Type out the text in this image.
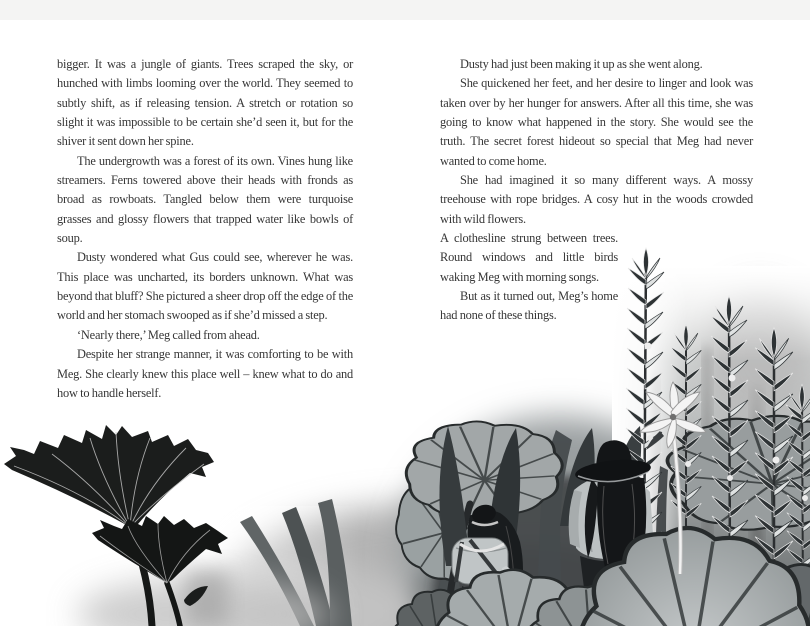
bigger. It was a jungle of giants. Trees scraped the sky, or hunched with limbs looming over the world. They seemed to subtly shift, as if releasing tension. A stretch or rotation so slight it was impossible to be certain she’d seen it, but for the shiver it sent down her spine.

The undergrowth was a forest of its own. Vines hung like streamers. Ferns towered above their heads with fronds as broad as rowboats. Tangled below them were turquoise grasses and glossy flowers that trapped water like bowls of soup.

Dusty wondered what Gus could see, wherever he was. This place was uncharted, its borders unknown. What was beyond that bluff? She pictured a sheer drop off the edge of the world and her stomach swooped as if she’d missed a step.

‘Nearly there,’ Meg called from ahead.

Despite her strange manner, it was comforting to be with Meg. She clearly knew this place well – knew what to do and how to handle herself.

Dusty had just been making it up as she went along.

She quickened her feet, and her desire to linger and look was taken over by her hunger for answers. After all this time, she was going to know what happened in the story. She would see the truth. The secret forest hideout so special that Meg had never wanted to come home.

She had imagined it so many different ways. A mossy treehouse with rope bridges. A cosy hut in the woods crowded with wild flowers.

A clothesline strung between trees. Round windows and little birds waking Meg with morning songs.

But as it turned out, Meg’s home had none of these things.
